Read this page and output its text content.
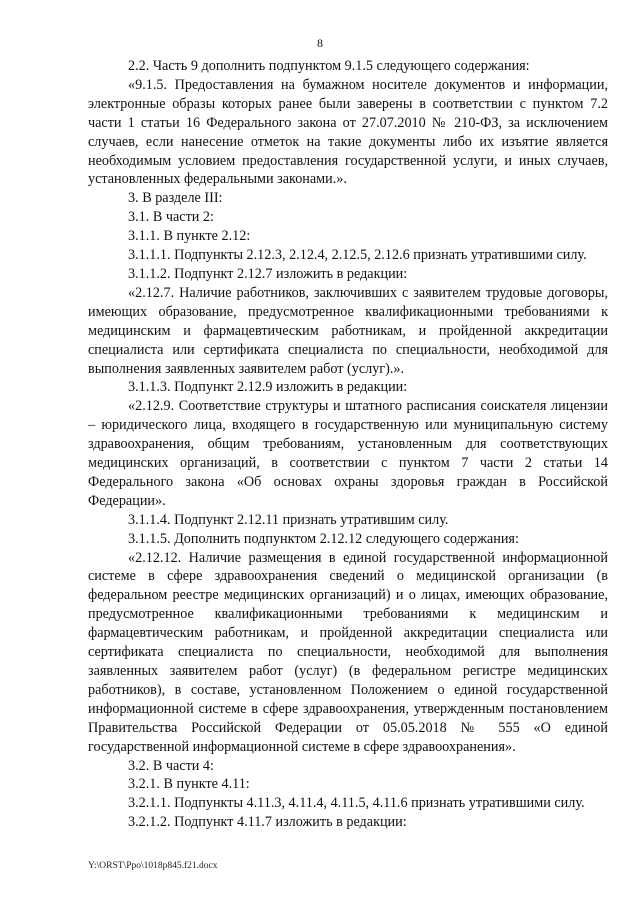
8

2.2. Часть 9 дополнить подпунктом 9.1.5 следующего содержания:

«9.1.5. Предоставления на бумажном носителе документов и информации, электронные образы которых ранее были заверены в соответствии с пунктом 7.2 части 1 статьи 16 Федерального закона от 27.07.2010 № 210-ФЗ, за исключением случаев, если нанесение отметок на такие документы либо их изъятие является необходимым условием предоставления государственной услуги, и иных случаев, установленных федеральными законами.».

3. В разделе III:

3.1. В части 2:

3.1.1. В пункте 2.12:

3.1.1.1. Подпункты 2.12.3, 2.12.4, 2.12.5, 2.12.6 признать утратившими силу.

3.1.1.2. Подпункт 2.12.7 изложить в редакции:

«2.12.7. Наличие работников, заключивших с заявителем трудовые договоры, имеющих образование, предусмотренное квалификационными требованиями к медицинским и фармацевтическим работникам, и пройденной аккредитации специалиста или сертификата специалиста по специальности, необходимой для выполнения заявленных заявителем работ (услуг).».

3.1.1.3. Подпункт 2.12.9 изложить в редакции:

«2.12.9. Соответствие структуры и штатного расписания соискателя лицензии – юридического лица, входящего в государственную или муниципальную систему здравоохранения, общим требованиям, установленным для соответствующих медицинских организаций, в соответствии с пунктом 7 части 2 статьи 14 Федерального закона «Об основах охраны здоровья граждан в Российской Федерации».

3.1.1.4. Подпункт 2.12.11 признать утратившим силу.

3.1.1.5. Дополнить подпунктом 2.12.12 следующего содержания:

«2.12.12. Наличие размещения в единой государственной информационной системе в сфере здравоохранения сведений о медицинской организации (в федеральном реестре медицинских организаций) и о лицах, имеющих образование, предусмотренное квалификационными требованиями к медицинским и фармацевтическим работникам, и пройденной аккредитации специалиста или сертификата специалиста по специальности, необходимой для выполнения заявленных заявителем работ (услуг) (в федеральном регистре медицинских работников), в составе, установленном Положением о единой государственной информационной системе в сфере здравоохранения, утвержденным постановлением Правительства Российской Федерации от 05.05.2018 № 555 «О единой государственной информационной системе в сфере здравоохранения».

3.2. В части 4:

3.2.1. В пункте 4.11:

3.2.1.1. Подпункты 4.11.3, 4.11.4, 4.11.5, 4.11.6 признать утратившими силу.

3.2.1.2. Подпункт 4.11.7 изложить в редакции:

Y:\ORST\Ppo\1018p845.f21.docx
